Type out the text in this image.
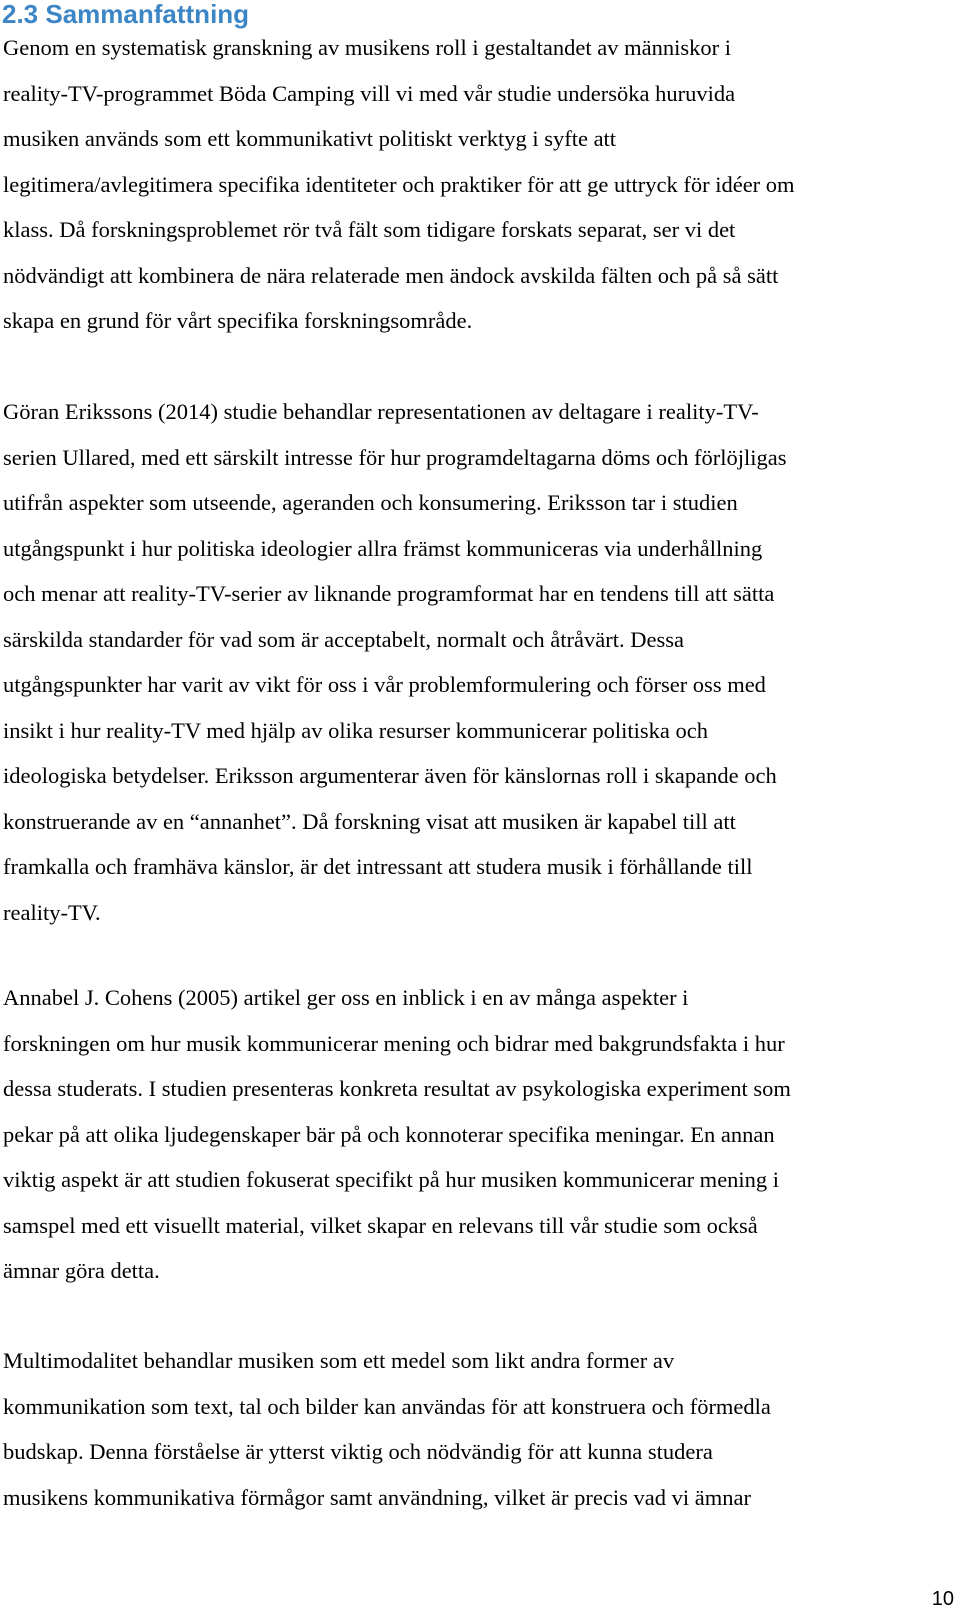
2.3 Sammanfattning

Genom en systematisk granskning av musikens roll i gestaltandet av människor i
reality-TV-programmet Böda Camping vill vi med vår studie undersöka huruvida
musiken används som ett kommunikativt politiskt verktyg i syfte att
legitimera/avlegitimera specifika identiteter och praktiker för att ge uttryck för idéer om
klass. Då forskningsproblemet rör två fält som tidigare forskats separat, ser vi det
nödvändigt att kombinera de nära relaterade men ändock avskilda fälten och på så sätt
skapa en grund för vårt specifika forskningsområde.

Göran Erikssons (2014) studie behandlar representationen av deltagare i reality-TV-
serien Ullared, med ett särskilt intresse för hur programdeltagarna döms och förlöjligas
utifrån aspekter som utseende, ageranden och konsumering. Eriksson tar i studien
utgångspunkt i hur politiska ideologier allra främst kommuniceras via underhållning
och menar att reality-TV-serier av liknande programformat har en tendens till att sätta
särskilda standarder för vad som är acceptabelt, normalt och åtråvärt. Dessa
utgångspunkter har varit av vikt för oss i vår problemformulering och förser oss med
insikt i hur reality-TV med hjälp av olika resurser kommunicerar politiska och
ideologiska betydelser. Eriksson argumenterar även för känslornas roll i skapande och
konstruerande av en “annanhet”. Då forskning visat att musiken är kapabel till att
framkalla och framhäva känslor, är det intressant att studera musik i förhållande till
reality-TV.

Annabel J. Cohens (2005) artikel ger oss en inblick i en av många aspekter i
forskningen om hur musik kommunicerar mening och bidrar med bakgrundsfakta i hur
dessa studerats. I studien presenteras konkreta resultat av psykologiska experiment som
pekar på att olika ljudegenskaper bär på och konnoterar specifika meningar. En annan
viktig aspekt är att studien fokuserat specifikt på hur musiken kommunicerar mening i
samspel med ett visuellt material, vilket skapar en relevans till vår studie som också
ämnar göra detta.

Multimodalitet behandlar musiken som ett medel som likt andra former av
kommunikation som text, tal och bilder kan användas för att konstruera och förmedla
budskap. Denna förståelse är ytterst viktig och nödvändig för att kunna studera
musikens kommunikativa förmågor samt användning, vilket är precis vad vi ämnar

10
